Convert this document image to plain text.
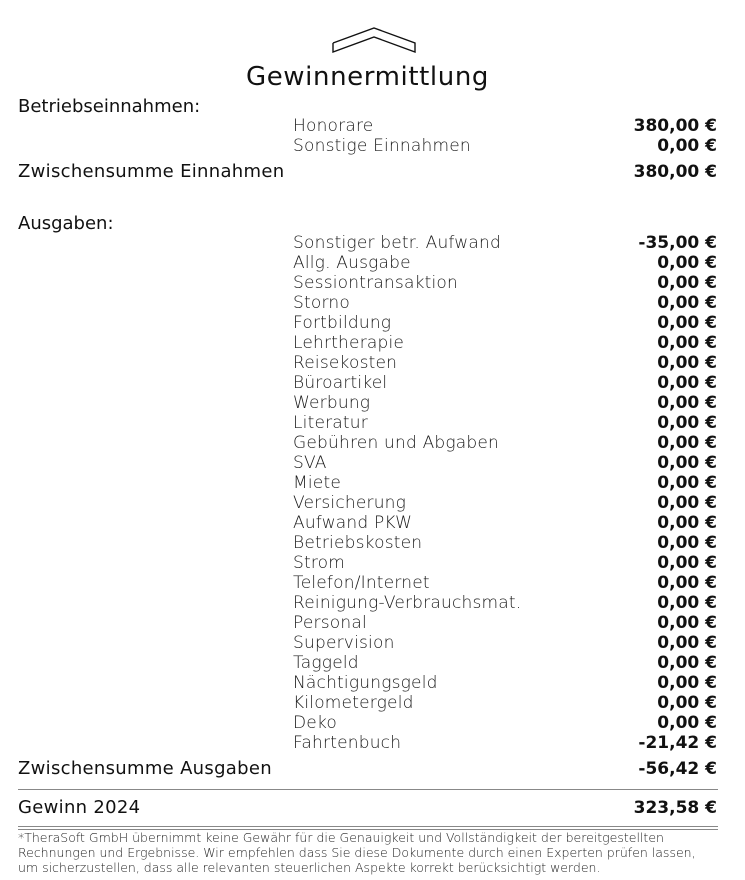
Gewinnermittlung
Betriebseinnahmen:
Honorare	380,00 €
Sonstige Einnahmen	0,00 €
Zwischensumme Einnahmen	380,00 €
Ausgaben:
Sonstiger betr. Aufwand	-35,00 €
Allg. Ausgabe	0,00 €
Sessiontransaktion	0,00 €
Storno	0,00 €
Fortbildung	0,00 €
Lehrtherapie	0,00 €
Reisekosten	0,00 €
Büroartikel	0,00 €
Werbung	0,00 €
Literatur	0,00 €
Gebühren und Abgaben	0,00 €
SVA	0,00 €
Miete	0,00 €
Versicherung	0,00 €
Aufwand PKW	0,00 €
Betriebskosten	0,00 €
Strom	0,00 €
Telefon/Internet	0,00 €
Reinigung-Verbrauchsmat.	0,00 €
Personal	0,00 €
Supervision	0,00 €
Taggeld	0,00 €
Nächtigungsgeld	0,00 €
Kilometergeld	0,00 €
Deko	0,00 €
Fahrtenbuch	-21,42 €
Zwischensumme Ausgaben	-56,42 €
Gewinn 2024	323,58 €
*TheraSoft GmbH übernimmt keine Gewähr für die Genauigkeit und Vollständigkeit der bereitgestellten Rechnungen und Ergebnisse. Wir empfehlen dass Sie diese Dokumente durch einen Experten prüfen lassen, um sicherzustellen, dass alle relevanten steuerlichen Aspekte korrekt berücksichtigt werden.
